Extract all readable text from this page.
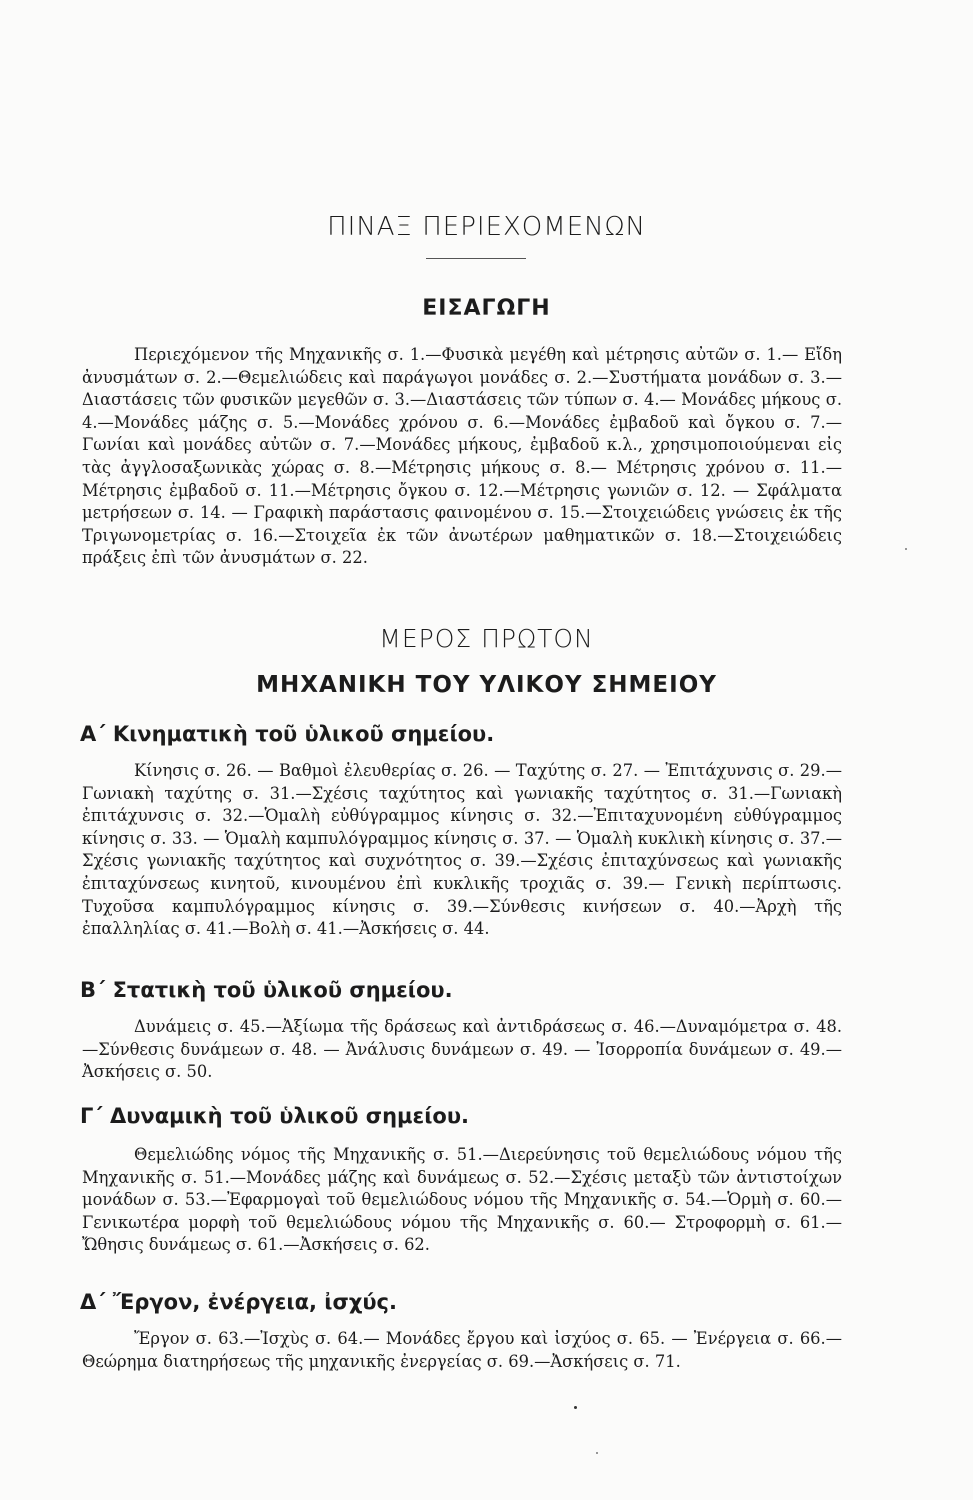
ΠΙΝΑΞ ΠΕΡΙΕΧΟΜΕΝΩΝ
ΕΙΣΑΓΩΓΗ
Περιεχόμενον τῆς Μηχανικῆς σ. 1.—Φυσικὰ μεγέθη καὶ μέτρησις αὐτῶν σ. 1.— Εἴδη ἀνυσμάτων σ. 2.—Θεμελιώδεις καὶ παράγωγοι μονάδες σ. 2.—Συστήματα μονάδων σ. 3.—Διαστάσεις τῶν φυσικῶν μεγεθῶν σ. 3.—Διαστάσεις τῶν τύπων σ. 4.— Μονάδες μήκους σ. 4.—Μονάδες μάζης σ. 5.—Μονάδες χρόνου σ. 6.—Μονάδες ἐμβαδοῦ καὶ ὄγκου σ. 7.—Γωνίαι καὶ μονάδες αὐτῶν σ. 7.—Μονάδες μήκους, ἐμβαδοῦ κ.λ., χρησιμοποιούμεναι εἰς τὰς ἀγγλοσαξωνικὰς χώρας σ. 8.—Μέτρησις μήκους σ. 8.— Μέτρησις χρόνου σ. 11.—Μέτρησις ἐμβαδοῦ σ. 11.—Μέτρησις ὄγκου σ. 12.—Μέτρησις γωνιῶν σ. 12. — Σφάλματα μετρήσεων σ. 14. — Γραφικὴ παράστασις φαινομένου σ. 15.—Στοιχειώδεις γνώσεις ἐκ τῆς Τριγωνομετρίας σ. 16.—Στοιχεῖα ἐκ τῶν ἀνωτέρων μαθηματικῶν σ. 18.—Στοιχειώδεις πράξεις ἐπὶ τῶν ἀνυσμάτων σ. 22.
ΜΕΡΟΣ ΠΡΩΤΟΝ
ΜΗΧΑΝΙΚΗ ΤΟΥ ΥΛΙΚΟΥ ΣΗΜΕΙΟΥ
Α΄ Κινηματικὴ τοῦ ὑλικοῦ σημείου.
Κίνησις σ. 26. — Βαθμοὶ ἐλευθερίας σ. 26. — Ταχύτης σ. 27. — Ἐπιτάχυνσις σ. 29.—Γωνιακὴ ταχύτης σ. 31.—Σχέσις ταχύτητος καὶ γωνιακῆς ταχύτητος σ. 31.—Γωνιακὴ ἐπιτάχυνσις σ. 32.—Ὁμαλὴ εὐθύγραμμος κίνησις σ. 32.—Ἐπιταχυνομένη εὐθύγραμμος κίνησις σ. 33. — Ὁμαλὴ καμπυλόγραμμος κίνησις σ. 37. — Ὁμαλὴ κυκλικὴ κίνησις σ. 37.—Σχέσις γωνιακῆς ταχύτητος καὶ συχνότητος σ. 39.—Σχέσις ἐπιταχύνσεως καὶ γωνιακῆς ἐπιταχύνσεως κινητοῦ, κινουμένου ἐπὶ κυκλικῆς τροχιᾶς σ. 39.— Γενικὴ περίπτωσις. Τυχοῦσα καμπυλόγραμμος κίνησις σ. 39.—Σύνθεσις κινήσεων σ. 40.—Ἀρχὴ τῆς ἐπαλληλίας σ. 41.—Βολὴ σ. 41.—Ἀσκήσεις σ. 44.
Β΄ Στατικὴ τοῦ ὑλικοῦ σημείου.
Δυνάμεις σ. 45.—Ἀξίωμα τῆς δράσεως καὶ ἀντιδράσεως σ. 46.—Δυναμόμετρα σ. 48.—Σύνθεσις δυνάμεων σ. 48. — Ἀνάλυσις δυνάμεων σ. 49. — Ἰσορροπία δυνάμεων σ. 49.—Ἀσκήσεις σ. 50.
Γ΄ Δυναμικὴ τοῦ ὑλικοῦ σημείου.
Θεμελιώδης νόμος τῆς Μηχανικῆς σ. 51.—Διερεύνησις τοῦ θεμελιώδους νόμου τῆς Μηχανικῆς σ. 51.—Μονάδες μάζης καὶ δυνάμεως σ. 52.—Σχέσις μεταξὺ τῶν ἀντιστοίχων μονάδων σ. 53.—Ἐφαρμογαὶ τοῦ θεμελιώδους νόμου τῆς Μηχανικῆς σ. 54.—Ὁρμὴ σ. 60.—Γενικωτέρα μορφὴ τοῦ θεμελιώδους νόμου τῆς Μηχανικῆς σ. 60.— Στροφορμὴ σ. 61.—Ὤθησις δυνάμεως σ. 61.—Ἀσκήσεις σ. 62.
Δ΄ Ἔργον, ἐνέργεια, ἰσχύς.
Ἔργον σ. 63.—Ἰσχὺς σ. 64.— Μονάδες ἔργου καὶ ἰσχύος σ. 65. — Ἐνέργεια σ. 66.—Θεώρημα διατηρήσεως τῆς μηχανικῆς ἐνεργείας σ. 69.—Ἀσκήσεις σ. 71.
